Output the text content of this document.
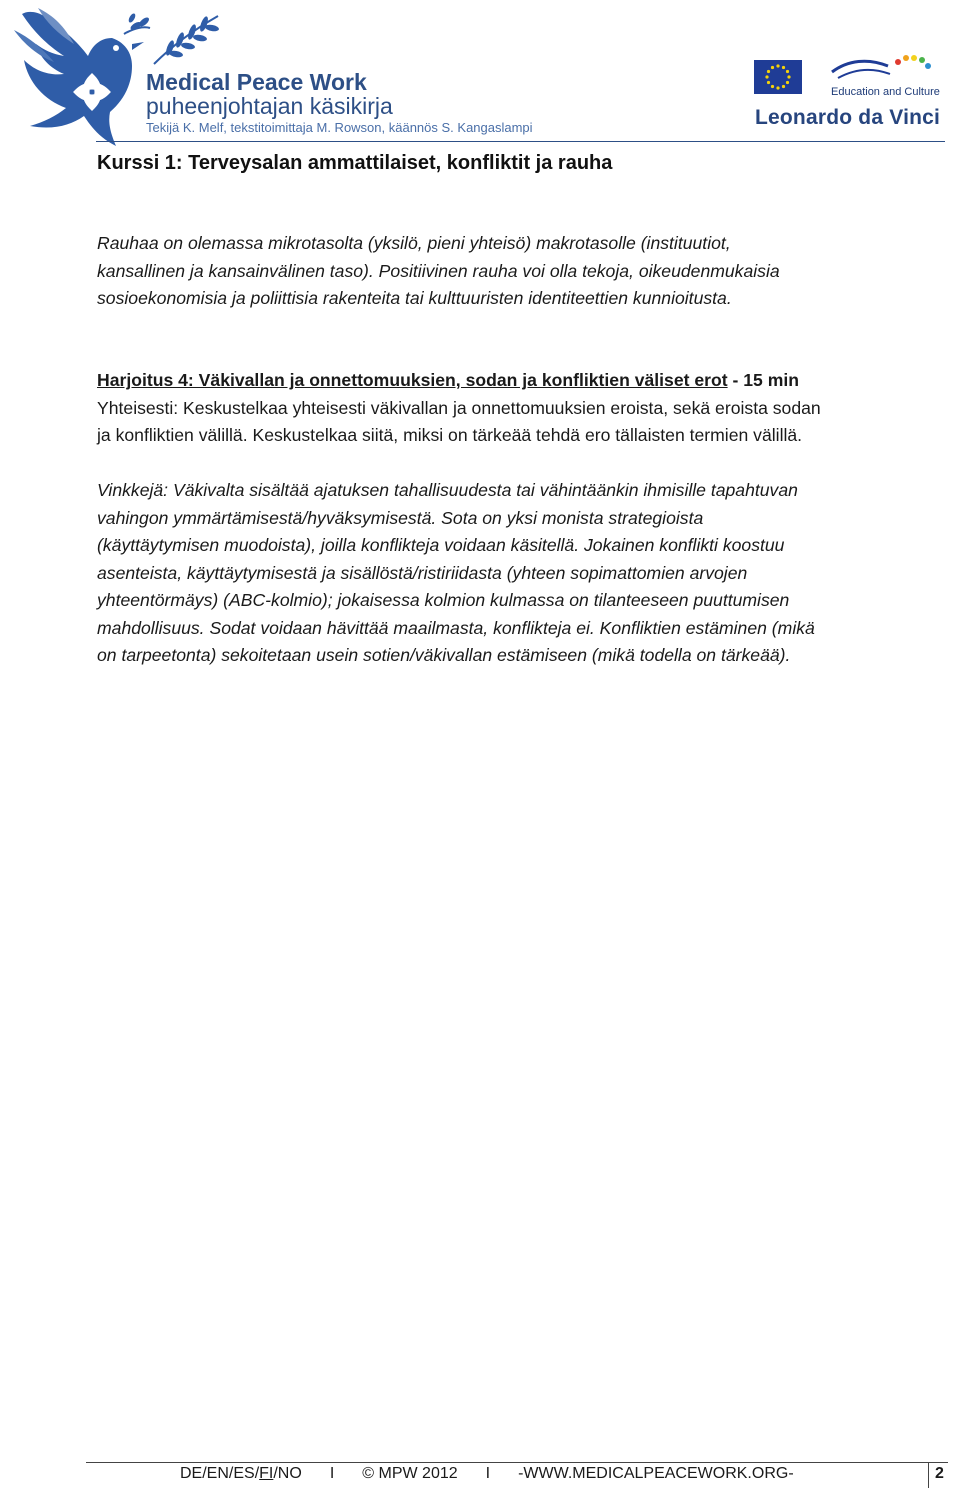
Medical Peace Work
puheenjohtajan käsikirja
Tekijä K. Melf, tekstitoimittaja M. Rowson, käännös S. Kangaslampi
Education and Culture
Leonardo da Vinci
Kurssi 1: Terveysalan ammattilaiset, konfliktit ja rauha
Rauhaa on olemassa mikrotasolta (yksilö, pieni yhteisö) makrotasolle (instituutiot,
kansallinen ja kansainvälinen taso). Positiivinen rauha voi olla tekoja, oikeudenmukaisia
sosioekonomisia ja poliittisia rakenteita tai kulttuuristen identiteettien kunnioitusta.
Harjoitus 4: Väkivallan ja onnettomuuksien, sodan ja konfliktien väliset erot - 15 min
Yhteisesti: Keskustelkaa yhteisesti väkivallan ja onnettomuuksien eroista, sekä eroista sodan
ja konfliktien välillä. Keskustelkaa siitä, miksi on tärkeää tehdä ero tällaisten termien välillä.
Vinkkejä: Väkivalta sisältää ajatuksen tahallisuudesta tai vähintäänkin ihmisille tapahtuvan
vahingon ymmärtämisestä/hyväksymisestä. Sota on yksi monista strategioista
(käyttäytymisen muodoista), joilla konflikteja voidaan käsitellä. Jokainen konflikti koostuu
asenteista, käyttäytymisestä ja sisällöstä/ristiriidasta (yhteen sopimattomien arvojen
yhteentörmäys) (ABC-kolmio); jokaisessa kolmion kulmassa on tilanteeseen puuttumisen
mahdollisuus. Sodat voidaan hävittää maailmasta, konflikteja ei. Konfliktien estäminen (mikä
on tarpeetonta) sekoitetaan usein sotien/väkivallan estämiseen (mikä todella on tärkeää).
DE/EN/ES/FI/NO I © MPW 2012 I -WWW.MEDICALPEACEWORK.ORG-	2
